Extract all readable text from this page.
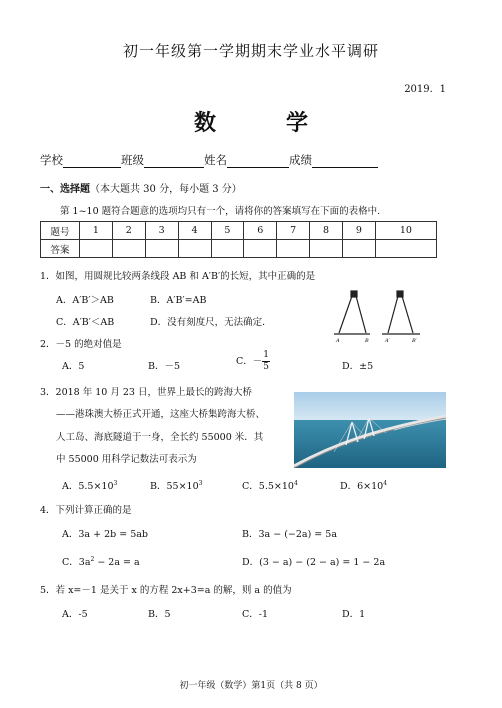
初一年级第一学期期末学业水平调研
2019．1
数　学
学校	班级	姓名	成绩
一、选择题（本大题共 30 分，每小题 3 分）
第 1~10 题符合题意的选项均只有一个，请将你的答案填写在下面的表格中.
题号	1	2	3	4	5	6	7	8	9	10
答案										
1．如图，用圆规比较两条线段 AB 和 A′B′的长短，其中正确的是
A．A′B′＞AB	B．A′B′=AB
C．A′B′＜AB	D．没有刻度尺，无法确定．
A	B	A′	B′
2．－5 的绝对值是
A．5	B．－5	C．－ $\frac{1}{5}$	D．±5
3．2018 年 10 月 23 日，世界上最长的跨海大桥
——港珠澳大桥正式开通，这座大桥集跨海大桥、
人工岛、海底隧道于一身，全长约 55000 米．其
中 55000 用科学记数法可表示为
A．$5.5\times 10^3$	B．$55\times 10^3$	C．$5.5\times 10^4$	D．$6\times 10^4$
4．下列计算正确的是
A．3a + 2b = 5ab	B．3a − (−2a) = 5a
C．$3a^2 - 2a = a$	D．(3 − a) − (2 − a) = 1 − 2a
5．若 x=－1 是关于 x 的方程 2x+3=a 的解，则 a 的值为
A．-5	B．5	C．-1	D．1
初一年级（数学）第1页（共 8 页）
